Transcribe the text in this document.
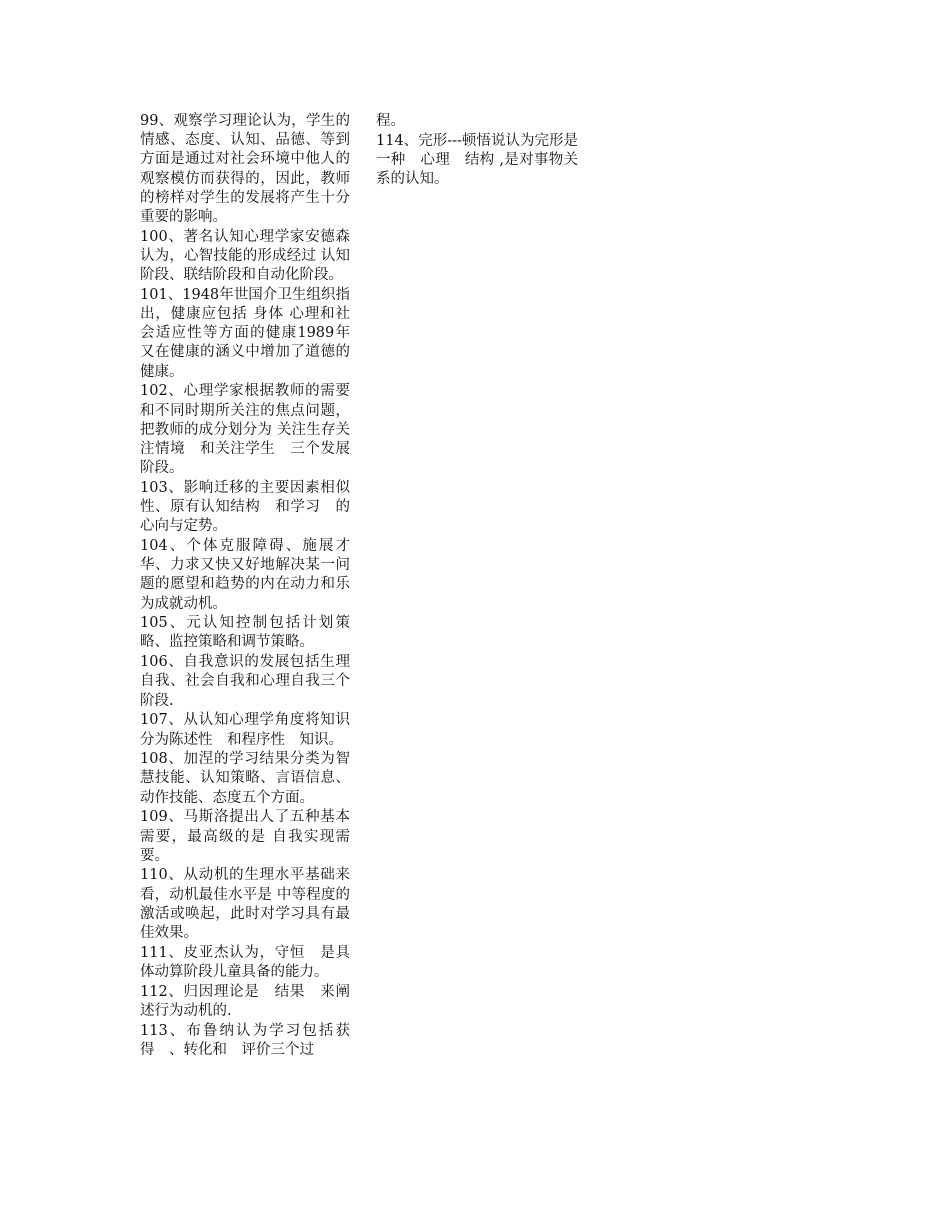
99、观察学习理论认为，学生的情感、态度、认知、品德、等到方面是通过对社会环境中他人的观察模仿而获得的，因此，教师的榜样对学生的发展将产生十分重要的影响。

100、著名认知心理学家安德森认为，心智技能的形成经过 认知阶段、联结阶段和自动化阶段。

101、1948年世国介卫生组织指出，健康应包括 身体 心理和社会适应性等方面的健康1989年又在健康的涵义中增加了道德的健康。

102、心理学家根据教师的需要和不同时期所关注的焦点问题，把教师的成分划分为 关注生存关注情境　和关注学生　三个发展阶段。

103、影响迁移的主要因素相似性、原有认知结构　和学习　的心向与定势。

104、个体克服障碍、施展才华、力求又快又好地解决某一问题的愿望和趋势的内在动力和乐为成就动机。

105、元认知控制包括计划策略、监控策略和调节策略。

106、自我意识的发展包括生理自我、社会自我和心理自我三个阶段.

107、从认知心理学角度将知识分为陈述性　和程序性　知识。

108、加涅的学习结果分类为智慧技能、认知策略、言语信息、动作技能、态度五个方面。

109、马斯洛提出人了五种基本需要，最高级的是 自我实现需要。

110、从动机的生理水平基础来看，动机最佳水平是 中等程度的激活或唤起，此时对学习具有最佳效果。

111、皮亚杰认为，守恒　是具体动算阶段儿童具备的能力。

112、归因理论是　结果　来阐述行为动机的.

113、布鲁纳认为学习包括获得　、转化和　评价三个过

程。

114、完形---顿悟说认为完形是一种　心理　结构 ,是对事物关系的认知。
